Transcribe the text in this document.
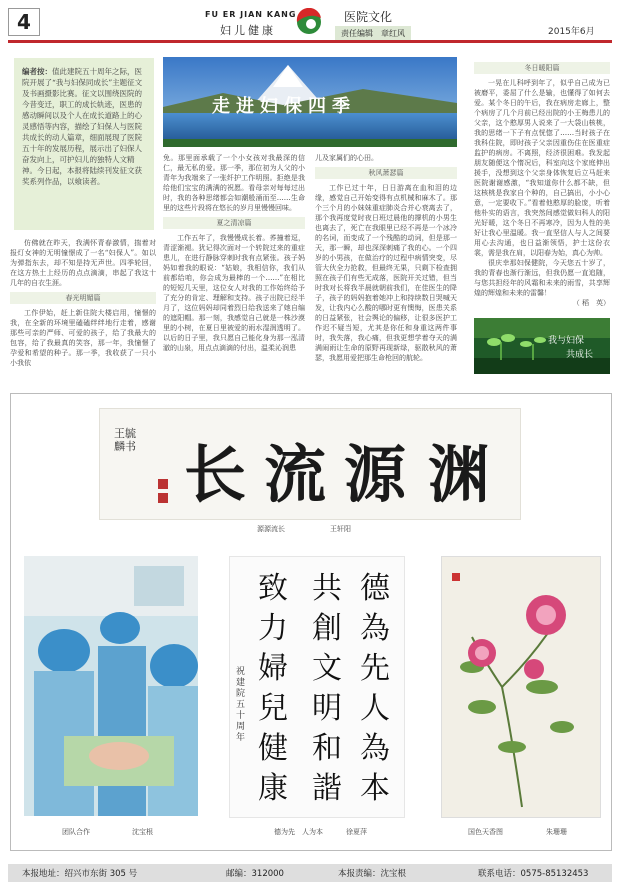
4	FU ER JIAN KANG
妇儿健康
医院文化
责任编辑　章红风	2015年6月
编者按：值此建院五十周年之际，医院开展了“我与妇保同成长”主题征文及书画摄影比赛。征文以围绕医院的今昔变迁，职工的成长轨迹，医患的感动瞬间以及个人在成长道路上的心灵感悟等内容，描绘了妇保人与医院共成长的动人篇章，细面展现了医院五十年的发展历程，展示出了妇保人奋发向上，可护妇儿的独特人文精神。今日起，本报将陆续刊发征文获奖系列作品，以飨读者。
仿佛就在昨天，我满怀青春激情，揣着对报灯女神的无明憧憬成了一名“妇保人”。如以为弹指东去，却不知是持无声世。四季轮回，在这方热土上经历的点点滴滴，串起了我这十几年的自衣生涯。
春光明媚篇
工作伊始，赶上新住院大楼启用，憧憬的我，在全新的环境里磕磕绊绊地行走着，感谢那些可亲的严师、可爱的孩子，给了我最大的包容，给了我最真的笑容，那一年，我憧憬了孕爱和希望的种子。那一季，我收获了一只小小我依
走进妇保四季
免。那里面承载了一个小女孩对我最深的信仁，最无私的爱。那一季，那位初为人父的小青年为我端来了一张纤护工作明照。拒绝是我给他们宝宝的满满的祝愿。看母亲对每每过出时，我的各种思绪都会如潮般涌而至……生命里的这些片段将在悠长的岁月里慢慢回味。
夏之清凉篇
工作五年了，我慢慢成长着。荞撞着逗，青涩渐褪。犹记得次面对一个转院过来的重症患儿，在进行静脉穿刺时我有点紧张。孩子妈妈如着我的眼说：“姑娘，我相信你，我们从前都给咱，你会成为最棒的一个……”在相比的短短几天里，这位女人对我的工作始终给予了充分的肯定、理解和支持。孩子出院已经半月了，这位妈妈却同着烈日给我送来了她自编的遮阳帽。那一刻，我感觉自己就是一株沙漠里的小树，在夏日里被爱的雨水湿润透明了。以后的日子里，我只愿自己能化身为那一泓清澈的山泉，用点点滴滴的付出，温柔沁润患
儿及家属们的心田。
秋风萧瑟篇
工作已过十年，日日游离在血和泪的边缘，感觉自己开始变得有点机械和麻木了。那个三个月的小妹妹重症肺炎合并心衰离去了，那个我再度觉时夜日班过晨他的撑机的小男生也离去了，死亡在我眼里已经不再是一个冰冷的名词，而变成了一个残酷的动词，但是那一天，那一瞬，却也深深刺痛了我的心。一个四岁的小男孩，在做治疗的过程中病情突变，尽管大伙全力抢救，但最终无果，只剩下检查拥照在孩子们有些无成落，医院开关过错，但当时我对长将我半晨就朝前我们，在佳医生的降子，孩子的妈妈抱着她冲上和持续数日哭喊天发，让我内心么酸的哪时更有懊悔，医患关系的日益紧张，社会舆论的偏移，让很多医护工作迟不疑当短，尤其是你任和身重这两件事时，我失落，我心痛，但我更想学着夺天的满满闹雨让生命的原野再现新绿，驱散秋风的萧瑟，我愿用爱把那生命枪回的航轮。
冬日暖阳篇
一晃在儿科呼到年了，似乎自己成为已被磨平，委屈了什么是输，也懂得了如何去爱。某个冬日的午后，我在病房走廊上，整个病房了几个月前已经出院的小王梅患儿的父亲，这个憨厚男人说来了一大袋山核桃，我的思绪一下子有点恍惚了……当时孩子在我科住院，即时孩子父亲因重伤住在医重症监护的病房。不离照，经济很困难。我发起朋友随便这个惰况后，科室向这个家庭伸出援手，没想到这个父亲身体恢复后立马赶来医院谢谢感激，“我知道你什么都不缺，但这核桃是我家自个种的，自己搞出，小小心意，一定要收下。”看着他憨厚的脸庞，听着他朴实的语言，我突然间感觉做妇科人的阳光好暖，这个冬日不再寒冷，因为人性的美好让我心里温暖。我一直坚信人与人之间要用心去沟通，也日益渐领悟，护士这份衣裳，需是我在肩，以阳春为始，真心为帅。
很庆幸那妇保健院，今天您五十岁了，我的青春也渐行渐远，但我仍愿一直追随，与您共担经年的风霜和未来的雨雪，共享辉煌的辉煌和未来的雷馨！
（ 稻　英）
我与妇保
共成长
长 流 源 渊
王毓麟书
源源流长	王轩阳
团队合作	沈宝根
德
為
先
人
為
本
共
創
文
明
和
諧
致
力
婦
兒
健
康
祝建院五十周年
德为先　人为本	徐夏萍	国色天香图	朱珊珊
本报地址：绍兴市东街 305 号	邮编：312000	本报责编：沈宝根	联系电话：0575-85132453
